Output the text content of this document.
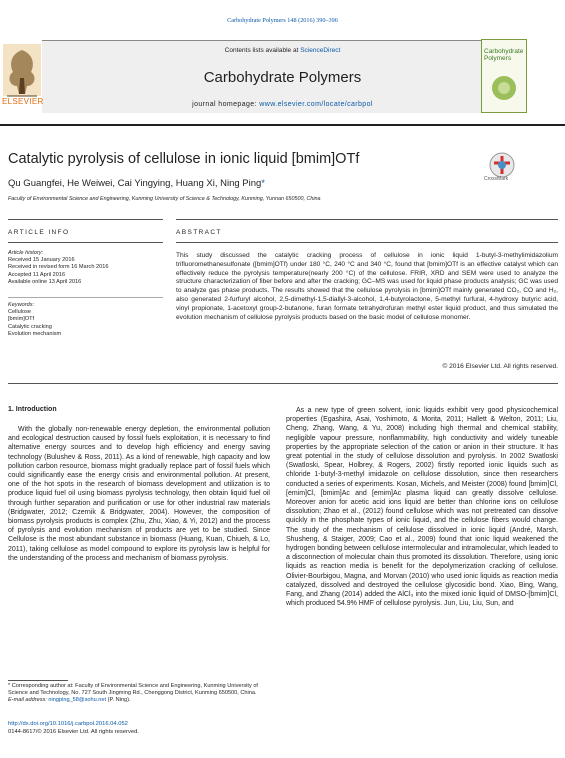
Carbohydrate Polymers 148 (2016) 390–396
ELSEVIER
Contents lists available at ScienceDirect
Carbohydrate Polymers
journal homepage: www.elsevier.com/locate/carbpol
Carbohydrate Polymers
Catalytic pyrolysis of cellulose in ionic liquid [bmim]OTf
CrossMark
Qu Guangfei, He Weiwei, Cai Yingying, Huang Xi, Ning Ping*
Faculty of Environmental Science and Engineering, Kunming University of Science & Technology, Kunming, Yunnan 650500, China
ARTICLE INFO	ABSTRACT
Article history:
Received 15 January 2016
Received in revised form 16 March 2016
Accepted 11 April 2016
Available online 13 April 2016
Keywords:
Cellulose
[bmim]OTf
Catalytic cracking
Evolution mechanism
This study discussed the catalytic cracking process of cellulose in ionic liquid 1-butyl-3-methylimidazolium trifluoromethanesulfonate ([bmim]OTf) under 180 °C, 240 °C and 340 °C, found that [bmim]OTf is an effective catalyst which can effectively reduce the pyrolysis temperature(nearly 200 °C) of the cellulose. FRIR, XRD and SEM were used to analyze the structure characterization of fiber before and after the cracking; GC–MS was used for liquid phase products analysis; GC was used to analyze gas phase products. The results showed that the cellulose pyrolysis in [bmim]OTf mainly generated CO₂, CO and H₂, also generated 2-furfuryl alcohol, 2,5-dimethyl-1,5-diallyl-3-alcohol, 1,4-butyrolactone, 5-methyl furfural, 4-hydroxy butyric acid, vinyl propionate, 1-acetoxyl group-2-butanone, furan formate tetrahydrofuran methyl ester liquid product, and thus simulated the evolution mechanism of cellulose pyrolysis products based on the basic model of cellulose monomer.
© 2016 Elsevier Ltd. All rights reserved.
1. Introduction

With the globally non-renewable energy depletion, the environmental pollution and ecological destruction caused by fossil fuels exploitation, it is necessary to find alternative energy sources and to develop high efficiency and energy saving technology (Bulushev & Ross, 2011). As a kind of renewable, high capacity and low pollution carbon resource, biomass might gradually replace part of fossil fuels which could significantly ease the energy crisis and environmental pollution. At present, one of the hot spots in the research of biomass development and utilization is to produce liquid fuel oil using biomass pyrolysis technology, then obtain liquid fuel oil through further separation and purification or use for other industrial raw materials (Bridgwater, 2012; Czernik & Bridgwater, 2004). However, the composition of biomass pyrolysis products is complex (Zhu, Zhu, Xiao, & Yi, 2012) and the process of pyrolysis and evolution mechanism of products are yet to be studied. Since Cellulose is the most abundant substance in biomass (Huang, Kuan, Chiueh, & Lo, 2011), taking cellulose as model compound to explore its pyrolysis law is helpful for the understanding of the process and mechanism of biomass pyrolysis.

As a new type of green solvent, ionic liquids exhibit very good physicochemical properties (Egashira, Asai, Yoshimoto, & Morita, 2011; Hallett & Welton, 2011; Liu, Cheng, Zhang, Wang, & Yu, 2008) including high thermal and chemical stability, negligible vapour pressure, nonflammability, high conductivity and widely tuneable properties by the appropriate selection of the cation or anion in their structure. It has great potential in the study of cellulose dissolution and pyrolysis. In 2002 Swatloski (Swatloski, Spear, Holbrey, & Rogers, 2002) firstly reported ionic liquids such as chloride 1-butyl-3-methyl imidazole on cellulose dissolution, since then researchers conducted a series of experiments. Kosan, Michels, and Meister (2008) found [bmim]Cl, [emim]Cl, [bmim]Ac and [emim]Ac plasma liquid can greatly dissolve cellulose. Moreover anion for acetic acid ions liquid are better than chlorine ions on cellulose dissolution; Zhao et al., (2012) found cellulose which was not pretreated can dissolve quickly in the phosphate types of ionic liquid, and the cellulose fibers would change. The study of the mechanism of cellulose dissolved in ionic liquid (André, Marsh, Shusheng, & Staiger, 2009; Cao et al., 2009) found that ionic liquid weakened the hydrogen bonding between cellulose intermolecular and intramolecular, which leaded to a disconnection of molecular chain thus promoted its dissolution. Therefore, using ionic liquids as reaction media is benefit for the depolymerization cracking of cellulose. Olivier-Bourbigou, Magna, and Morvan (2010) who used ionic liquids as reaction media catalyzed, dissolved and destroyed the cellulose glycosidic bond. Xiao, Bing, Wang, Fang, and Zhang (2014) added the AlCl₃ into the mixed ionic liquid of DMSO-[bmim]Cl, which produced 54.9% HMF of cellulose pyrolysis. Jun, Liu, Liu, Sun, and

* Corresponding author at: Faculty of Environmental Science and Engineering, Kunming University of Science and Technology, No. 727 South Jingming Rd., Chenggong District, Kunming 650500, China.
E-mail address: ningping_58@sohu.net (P. Ning).
http://dx.doi.org/10.1016/j.carbpol.2016.04.052
0144-8617/© 2016 Elsevier Ltd. All rights reserved.
